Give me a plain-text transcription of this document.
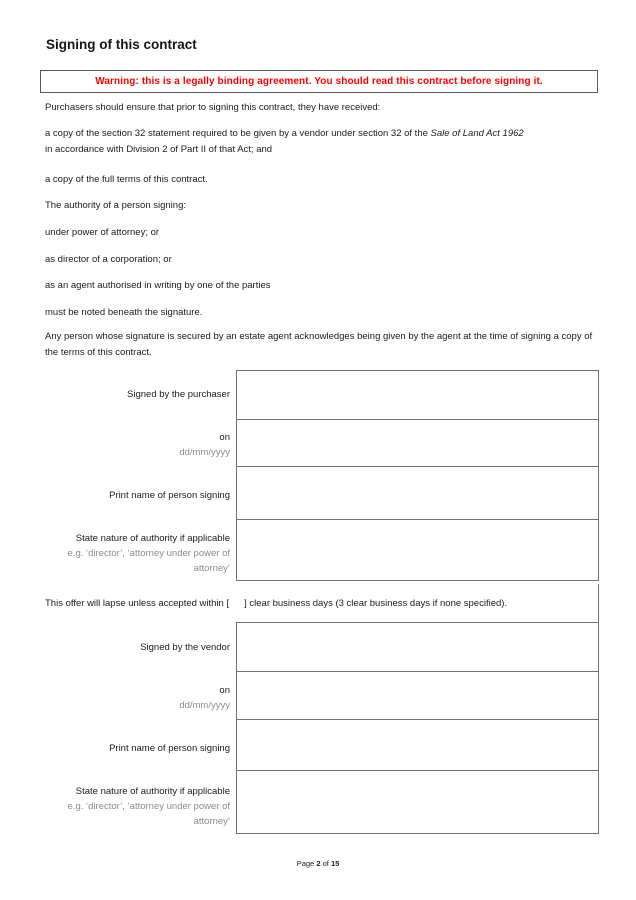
Signing of this contract
Warning: this is a legally binding agreement. You should read this contract before signing it.

Purchasers should ensure that prior to signing this contract, they have received:

a copy of the section 32 statement required to be given by a vendor under section 32 of the Sale of Land Act 1962
in accordance with Division 2 of Part II of that Act; and

a copy of the full terms of this contract.

The authority of a person signing:

under power of attorney; or

as director of a corporation; or

as an agent authorised in writing by one of the parties

must be noted beneath the signature.

Any person whose signature is secured by an estate agent acknowledges being given by the agent at the time of signing a copy of the terms of this contract.

Signed by the purchaser
on
dd/mm/yyyy
Print name of person signing
State nature of authority if applicable
e.g. ‘director’, ‘attorney under power of attorney’

This offer will lapse unless accepted within [ ] clear business days (3 clear business days if none specified).

Signed by the vendor
on
dd/mm/yyyy
Print name of person signing
State nature of authority if applicable
e.g. ‘director’, ‘attorney under power of attorney’
Page 2 of 15
